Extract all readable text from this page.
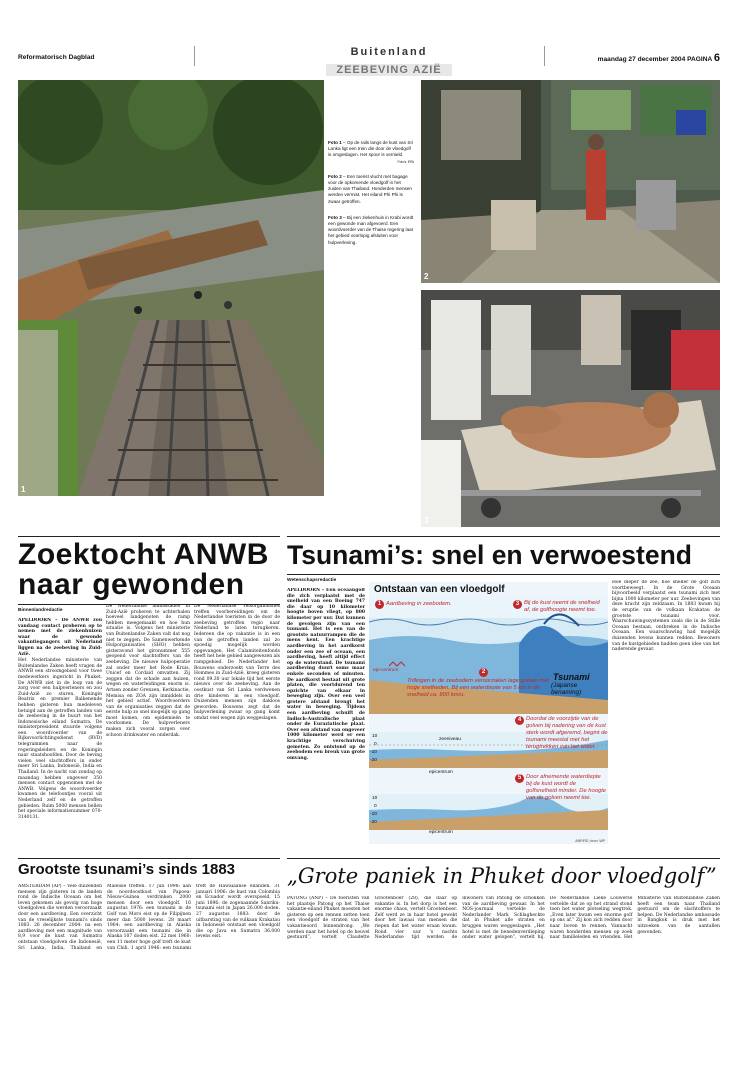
Reformatorisch Dagblad	Buitenland
ZEEBEVING AZIË
maandag 27 december 2004 PAGINA 6
1
Foto 1 – Op de rails langs de kust van Sri Lanka ligt een trein die door de vloedgolf is omgeslagen. Het spoor is vernield.
Foto's: EPA
Foto 2 – Een toerist vlucht met bagage voor de opkomende vloedgolf in het zuiden van Thailand. Honderden mensen werden vermist. Het eiland Phi Phi is zwaar getroffen.
Foto 3 – Bij een ziekenhuis in Krabi wordt een gewonde man afgevoerd. Een woordvoerder van de Thaise regering laat het gebied voorlopig afsluiten voor hulpverlening.
2
3
Zoektocht ANWB naar gewonden
Binnenlandredactie

APELDOORN – De ANWB zou vandaag contact proberen op te nemen met de ziekenhuizen waar de gewonde vakantiegangers uit Nederland liggen na de zeebeving in Zuid-Azië.

Het Nederlandse ministerie van Buitenlandse Zaken heeft vragen de ANWB een stroomgebied voor twee medewerkers ingericht in Phuket. De ANWB ziet in de loop van de zorg voor een hulpverleners en zou Zuid-Azië zo sturen. Koningin Beatrix en premier Balkenende hebben gisteren hun medeleven betuigd aan de getroffen landen van de zeebeving in de buurt van het Indonesische eiland Sumatra. De ministerpresident stuurde volgens een woordvoerder van de Rijksvoorlichtingsdienst (RVD) telegrammen naar de regeringsleiders en de Koningin naar staatshoofden. Door de beving vielen veel slachtoffers in onder meer Sri Lanka, Indonesië, India en Thailand. In de nacht van zondag op maandag hebben ongeveer 350 mensen contact opgenomen met de ANWB. Volgens de woordvoerder kwamen de telefoontjes vooral uit Nederland zelf en de getroffen gebieden. Ruim 5000 mensen bellen het speciale informatienummer 070-3140131.

De Nederlandse ambassades in Zuid-Azië proberen te achterhalen hoeveel landgenoten de ramp hebben meegemaakt en hoe hun situatie is. Volgens het ministerie van Buitenlandse Zaken valt dat nog niet te zeggen. De Samenwerkende Hulporganisaties (SHO) hebben gisteravond het gironummer 555 geopend voor slachtoffers van de zeebeving. De nieuwe hulpoperatie zal onder meer het Rode Kruis, Unicef en Cordaid omvatten. Zij zeggen dat de schade aan huizen, wegen en waterleidingen enorm is. Artsen zonder Grenzen, Kerkinactie, Memisa en ZOA zijn inmiddels in het gebied actief. Woordvoerders van de organisaties zeggen dat de eerste hulp zo snel mogelijk op gang moet komen, om epidemieën te voorkomen. De hulpverleners maken zich vooral zorgen over schoon drinkwater en onderdak.

De Nederlandse reisorganisaties treffen voorbereidingen om de Nederlandse toeristen in de door de zeebeving getroffen regio naar Nederland te laten terugkeren. Iedereen die op vakantie is in een van de getroffen landen zal zo spoedig mogelijk worden opgevangen. Het Calamiteitenfonds heeft het hele gebied aangewezen als rampgebied. De Nederlander het Bouwens onderzoekt van Terre des Hommes in Zuid-Azië, kreeg gisteren rond 09.30 uur lokale tijd het eerste nieuws over de zeebeving. Aan de oostkust van Sri Lanka verdwenen drie kinderen in een vloedgolf. Duizenden mensen zijn dakloos geworden. Bouwens zegt dat de hulpverlening zwaar op gang komt omdat veel wegen zijn weggeslagen.

Tsunami’s: snel en verwoestend
Wetenschapsredactie

APELDOORN – Een oceaangolf die zich verplaatst met de snelheid van een Boeing 747 die daar op 10 kilometer hoogte boven vliegt, op 800 kilometer per uur. Dat kunnen de gevolgen zijn van een tsunami. Het is een van de grootste natuurrampen die de mens kent. Een krachtige aardbeving in het aardkorst onder een zee of oceaan, een aardbeving, heeft altijd effect op de waterstand. De tsunami aardbeving duurt soms maar enkele seconden of minuten. De aardkorst bestaat uit grote platen, die voortdurend ten opzichte van elkaar in beweging zijn. Over een veel grotere afstand brengt het water in beweging. Tijdens een aardbeving schuift de Indisch-Australische plaat onder de Euraziatische plaat. Over een afstand van ongeveer 1000 kilometer werd er een krachtige verschuiving gemeten. Zo ontstond op de zeebodem een breuk van grote omvang.

Hoe dieper de zee, hoe sneller de golf zich voortbeweegt. In de Grote Oceaan bijvoorbeeld verplaatst een tsunami zich met bijna 1000 kilometer per uur. Zeebevingen van deze kracht zijn zeldzaam. In 1883 kwam bij de eruptie van de vulkaan Krakatau de grootste tsunami voor. Waarschuwingssystemen zoals die in de Stille Oceaan bestaan, ontbreken in de Indische Oceaan. Een waarschuwing had mogelijk duizenden levens kunnen redden. Bewoners van de kustgebieden hadden geen idee van het naderende gevaar.

Ontstaan van een vloedgolf
1 Aardbeving in zeebodem.	3 Bij de kust neemt de snelheid af, de golfhoogte neemt toe.
epi-centrum	2
Trillingen in de zeebodem veroorzaken lage golven met hoge snelheden. Bij een waterdiepte van 5 km is de snelheid ca. 800 km/u.
Tsunami
(Japanse benaming)
10
0
-10
-20
zeeniveau
epicentrum
4 Doordat de voorzijde van de golven bij nadering van de kust sterk wordt afgeremd, begint de tsunami meestal met het terugtrekken van het water.
10
0
-10
-20
5 Door afnemende waterdiepte bij de kust wordt de golfsnelheid minder. De hoogte van de golven neemt toe.
epicentrum
ANP/RD, bron: WP
Grootste tsunami’s sinds 1883

AMSTERDAM (AP) – Vele duizenden mensen zijn gisteren in de landen rond de Indische Oceaan om het leven gekomen als gevolg van hoge vloedgolven die werden veroorzaakt door een aardbeving. Een overzicht van de vreselijkste tsunami's sinds 1883. 26 december 2004: na een aardbeving met een magnitude van 8,9 voor de kust van Sumatra ontstaan vloedgolven die Indonesië, Sri Lanka, India, Thailand en Maleisië treffen. 17 juli 1998: aan de noordoostkust van Papoea-Nieuw-Guinea verdrinken 2000 mensen door een vloedgolf. 16 augustus 1976: een tsunami in de Golf van Moro eist op de Filipijnen meer dan 5000 levens. 28 maart 1964: een aardbeving in Alaska veroorzaakt een tsunami die in Alaska 107 doden eist. 22 mei 1960: een 11 meter hoge golf treft de kust van Chili. 1 april 1946: een tsunami treft de Hawaïaanse eilanden. 31 januari 1906: de kust van Colombia en Ecuador wordt overspoeld. 15 juni 1896: de zogenaamde Sanriku-tsunami eist in Japan 26.000 doden. 27 augustus 1883: door de uitbarsting van de vulkaan Krakatau in Indonesië ontstaat een vloedgolf die op Java en Sumatra 36.000 levens eist.

„Grote paniek in Phuket door vloedgolf”

PATONG (ANP) – De toeristen van het plaatsje Patong op het Thaise vakantie-eiland Phuket moesten het gisteren op een rennen zetten toen een vloedgolf de straten van het vakantieoord binnendrong. „We werden naar het hotel op de heuvel gestuurd”, vertelt Claudette Grootenboer (28), die daar op vakantie is. In het dorp is het een enorme chaos, vertelt Grootenboer. Zelf werd ze in haar hotel gewekt door het lawaai van mensen die riepen dat het water eraan kwam. Rond vier uur 's nachts Nederlandse tijd werden de inwoners van Patong de schokken van de aardbeving gewaar. In het NOS-journaal vertelde de Nederlander Mark Schlagheckte dat in Phuket alle straten en bruggen waren weggeslagen. „Het hotel is met de benedenverdieping onder water gelopen”, vertelt hij. De Nederlandse Lieke Louwerse vertelde dat ze op het strand stond toen het water plotseling wegtrok. „Even later kwam een enorme golf op ons af.” Zij kon zich redden door naar boven te rennen. Vannacht waren honderden mensen op zoek naar familieleden en vrienden. Het Ministerie van Buitenlandse Zaken heeft een team naar Thailand gestuurd om de slachtoffers te helpen. De Nederlandse ambassade in Bangkok is druk met het uitzoeken van de aantallen gewonden.
